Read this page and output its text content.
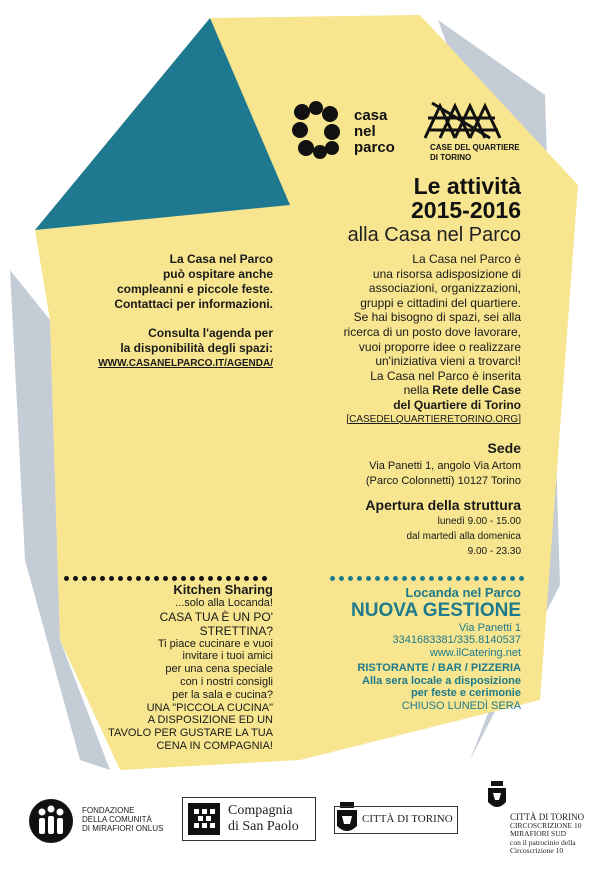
casa
nel
parco	CASE DEL QUARTIERE
DI TORINO
Le attività
2015-2016
alla Casa nel Parco

La Casa nel Parco

può ospitare anche

compleanni e piccole feste.

Contattaci per informazioni.

Consulta l'agenda per

la disponibilità degli spazi:

WWW.CASANELPARCO.IT/AGENDA/

La Casa nel Parco è

una risorsa adisposizione di

associazioni, organizzazioni,

gruppi e cittadini del quartiere.

Se hai bisogno di spazi, sei alla

ricerca di un posto dove lavorare,

vuoi proporre idee o realizzare

un'iniziativa vieni a trovarci!

La Casa nel Parco è inserita

nella Rete delle Case

del Quartiere di Torino

[CASEDELQUARTIERETORINO.ORG]

Sede
Via Panetti 1, angolo Via Artom
(Parco Colonnetti) 10127 Torino
Apertura della struttura
lunedì 9.00 - 15.00
dal martedì alla domenica
9.00 - 23.30

Kitchen Sharing

...solo alla Locanda!

CASA TUA È UN PO'

STRETTINA?

Ti piace cucinare e vuoi

invitare i tuoi amici

per una cena speciale

con i nostri consigli

per la sala e cucina?

UNA "PICCOLA CUCINA"

A DISPOSIZIONE ED UN

TAVOLO PER GUSTARE LA TUA

CENA IN COMPAGNIA!

Locanda nel Parco

NUOVA GESTIONE

Via Panetti 1

3341683381/335.8140537

www.ilCatering.net

RISTORANTE / BAR / PIZZERIA

Alla sera locale a disposizione

per feste e cerimonie

CHIUSO LUNEDÌ SERA

FONDAZIONE
DELLA COMUNITÀ
DI MIRAFIORI ONLUS
Compagnia
di San Paolo	CITTÀ DI TORINO	CITTÀ DI TORINO
CIRCOSCRIZIONE 10
MIRAFIORI SUD
con il patrocinio della
Circoscrizione 10
